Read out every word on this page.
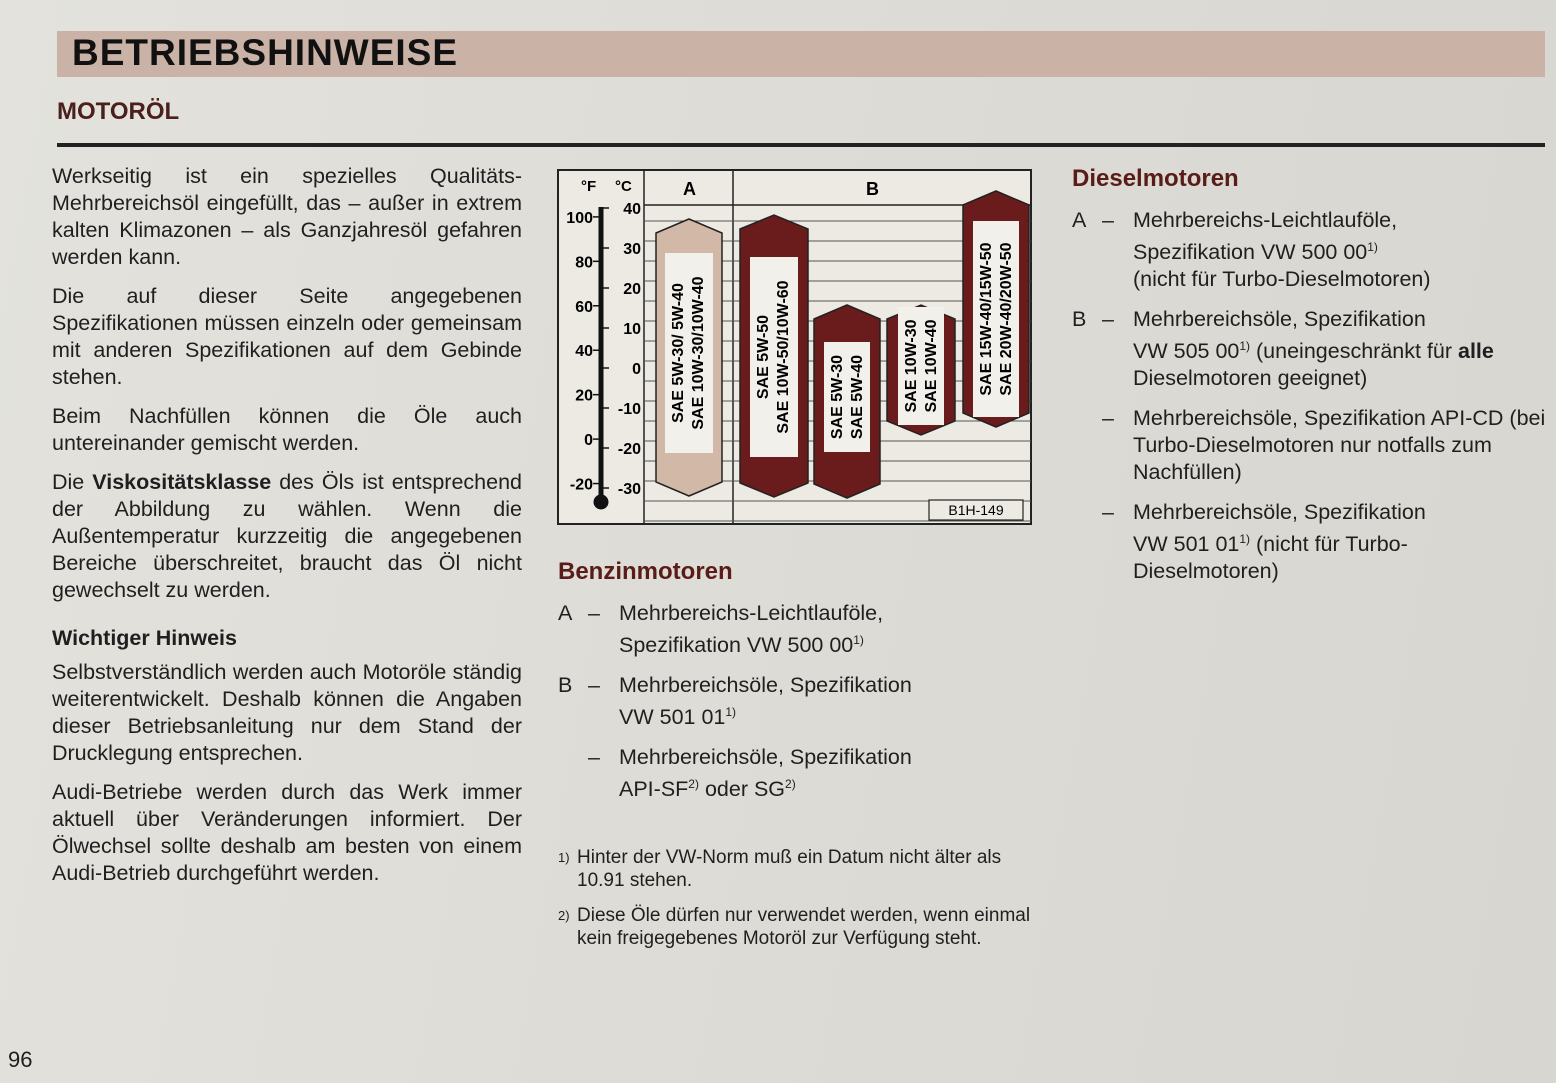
BETRIEBSHINWEISE
MOTORÖL

Werkseitig ist ein spezielles Qualitäts-Mehrbereichsöl eingefüllt, das – außer in extrem kalten Klimazonen – als Ganzjahresöl gefahren werden kann.

Die auf dieser Seite angegebenen Spezifikationen müssen einzeln oder gemeinsam mit anderen Spezifikationen auf dem Gebinde stehen.

Beim Nachfüllen können die Öle auch untereinander gemischt werden.

Die Viskositätsklasse des Öls ist entsprechend der Abbildung zu wählen. Wenn die Außentemperatur kurzzeitig die angegebenen Bereiche überschreitet, braucht das Öl nicht gewechselt zu werden.

Wichtiger Hinweis

Selbstverständlich werden auch Motoröle ständig weiterentwickelt. Deshalb können die Angaben dieser Betriebsanleitung nur dem Stand der Drucklegung entsprechen.

Audi-Betriebe werden durch das Werk immer aktuell über Veränderungen informiert. Der Ölwechsel sollte deshalb am besten von einem Audi-Betrieb durchgeführt werden.

SAE 5W-30/ 5W-40 SAE 10W-30/10W-40	SAE 5W-50 SAE 10W-50/10W-60 SAE 5W-30 SAE 5W-40 SAE 10W-30 SAE 10W-40 SAE 15W-40/15W-50 SAE 20W-40/20W-50
°F °C	A	B
100
80
60
40
20
0
-20
40
30
20
10
0
-10
-20
-30
B1H-149
Benzinmotoren
A – Mehrbereichs-Leichtlauföle,
Spezifikation VW 500 00$^{1)}$
B – Mehrbereichsöle, Spezifikation
VW 501 01$^{1)}$
– Mehrbereichsöle, Spezifikation
API-SF$^{2)}$ oder SG$^{2)}$
1) Hinter der VW-Norm muß ein Datum nicht älter als 10.91 stehen.
2) Diese Öle dürfen nur verwendet werden, wenn einmal kein freigegebenes Motoröl zur Verfügung steht.
Dieselmotoren
A – Mehrbereichs-Leichtlauföle,
Spezifikation VW 500 00$^{1)}$
(nicht für Turbo-Dieselmotoren)
B – Mehrbereichsöle, Spezifikation
VW 505 00$^{1)}$ (uneingeschränkt für alle
Dieselmotoren geeignet)
– Mehrbereichsöle, Spezifikation API-CD (bei Turbo-Dieselmotoren nur notfalls zum Nachfüllen)
– Mehrbereichsöle, Spezifikation
VW 501 01$^{1)}$ (nicht für Turbo-Dieselmotoren)
96
